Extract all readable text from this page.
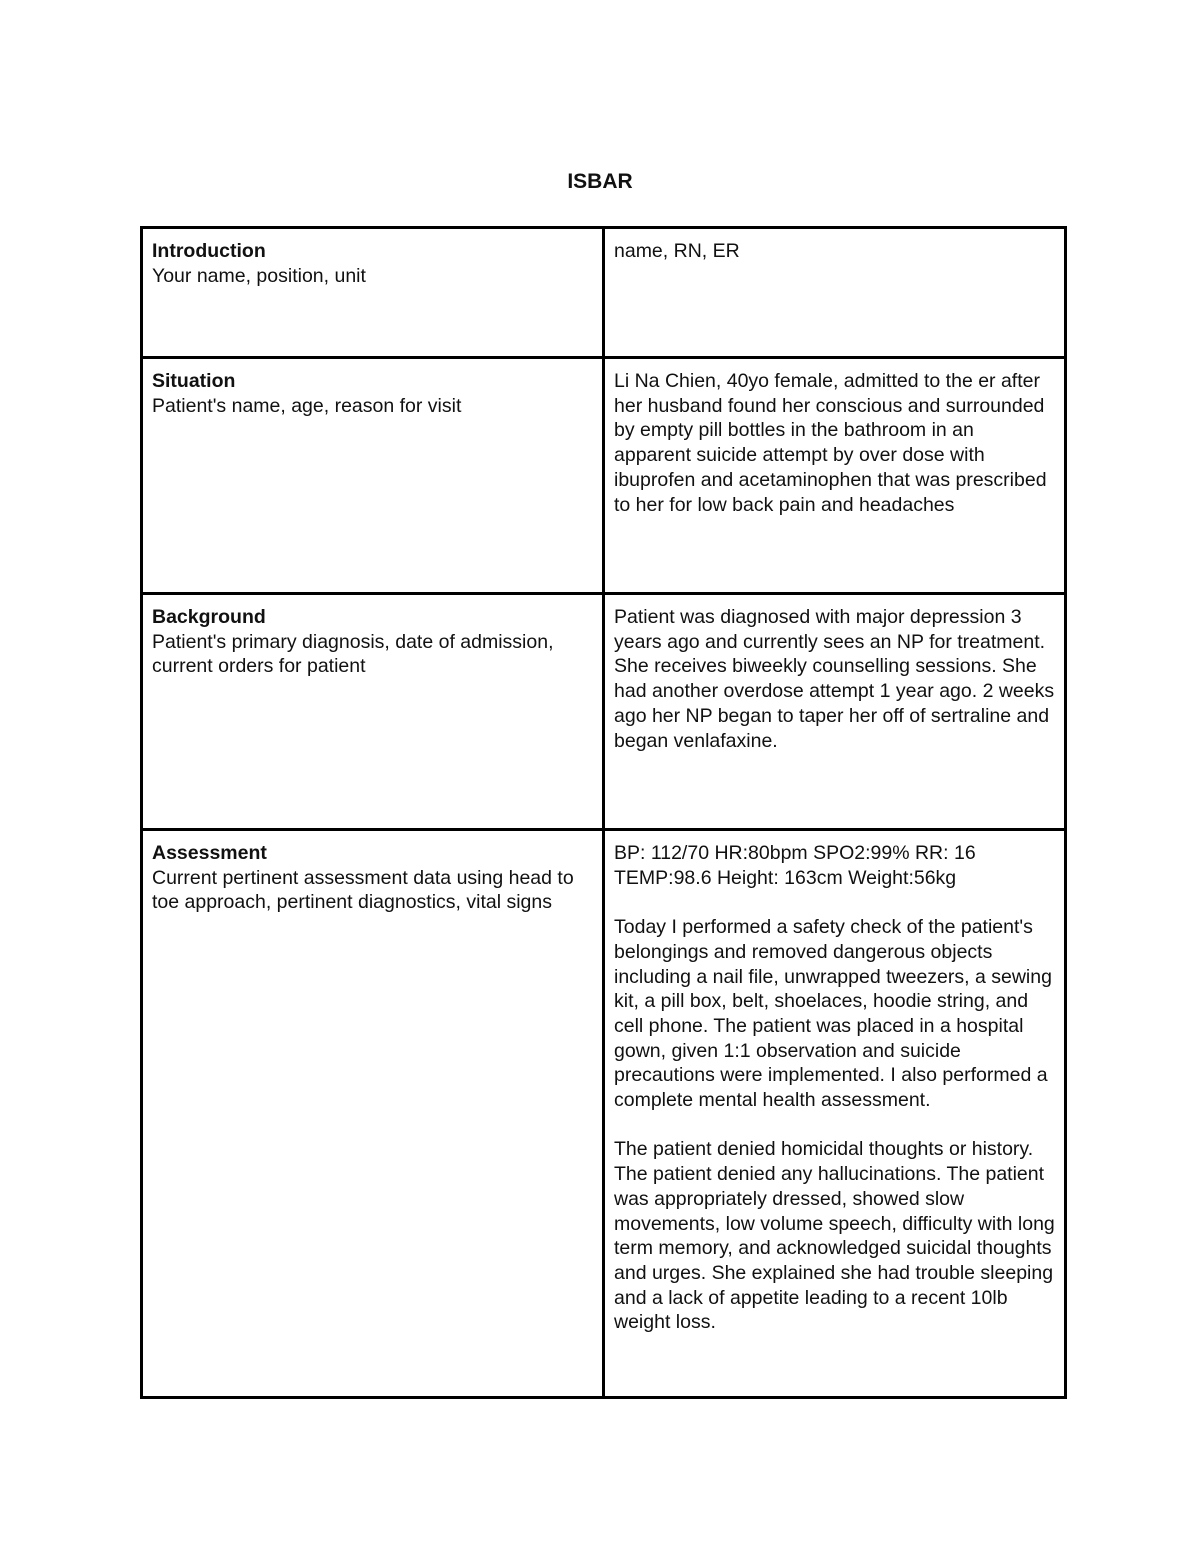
ISBAR
Introduction
Your name, position, unit	name, RN, ER

Situation
Patient's name, age, reason for visit	Li Na Chien, 40yo female, admitted to the er after her husband found her conscious and surrounded by empty pill bottles in the bathroom in an apparent suicide attempt by over dose with ibuprofen and acetaminophen that was prescribed to her for low back pain and headaches

Background
Patient's primary diagnosis, date of admission, current orders for patient	Patient was diagnosed with major depression 3 years ago and currently sees an NP for treatment. She receives biweekly counselling sessions. She had another overdose attempt 1 year ago. 2 weeks ago her NP began to taper her off of sertraline and began venlafaxine.

Assessment
Current pertinent assessment data using head to toe approach, pertinent diagnostics, vital signs	BP: 112/70 HR:80bpm SPO2:99% RR: 16 TEMP:98.6 Height: 163cm Weight:56kg
Today I performed a safety check of the patient's belongings and removed dangerous objects including a nail file, unwrapped tweezers, a sewing kit, a pill box, belt, shoelaces, hoodie string, and cell phone. The patient was placed in a hospital gown, given 1:1 observation and suicide precautions were implemented. I also performed a complete mental health assessment.
The patient denied homicidal thoughts or history. The patient denied any hallucinations. The patient was appropriately dressed, showed slow movements, low volume speech, difficulty with long term memory, and acknowledged suicidal thoughts and urges. She explained she had trouble sleeping and a lack of appetite leading to a recent 10lb weight loss.
